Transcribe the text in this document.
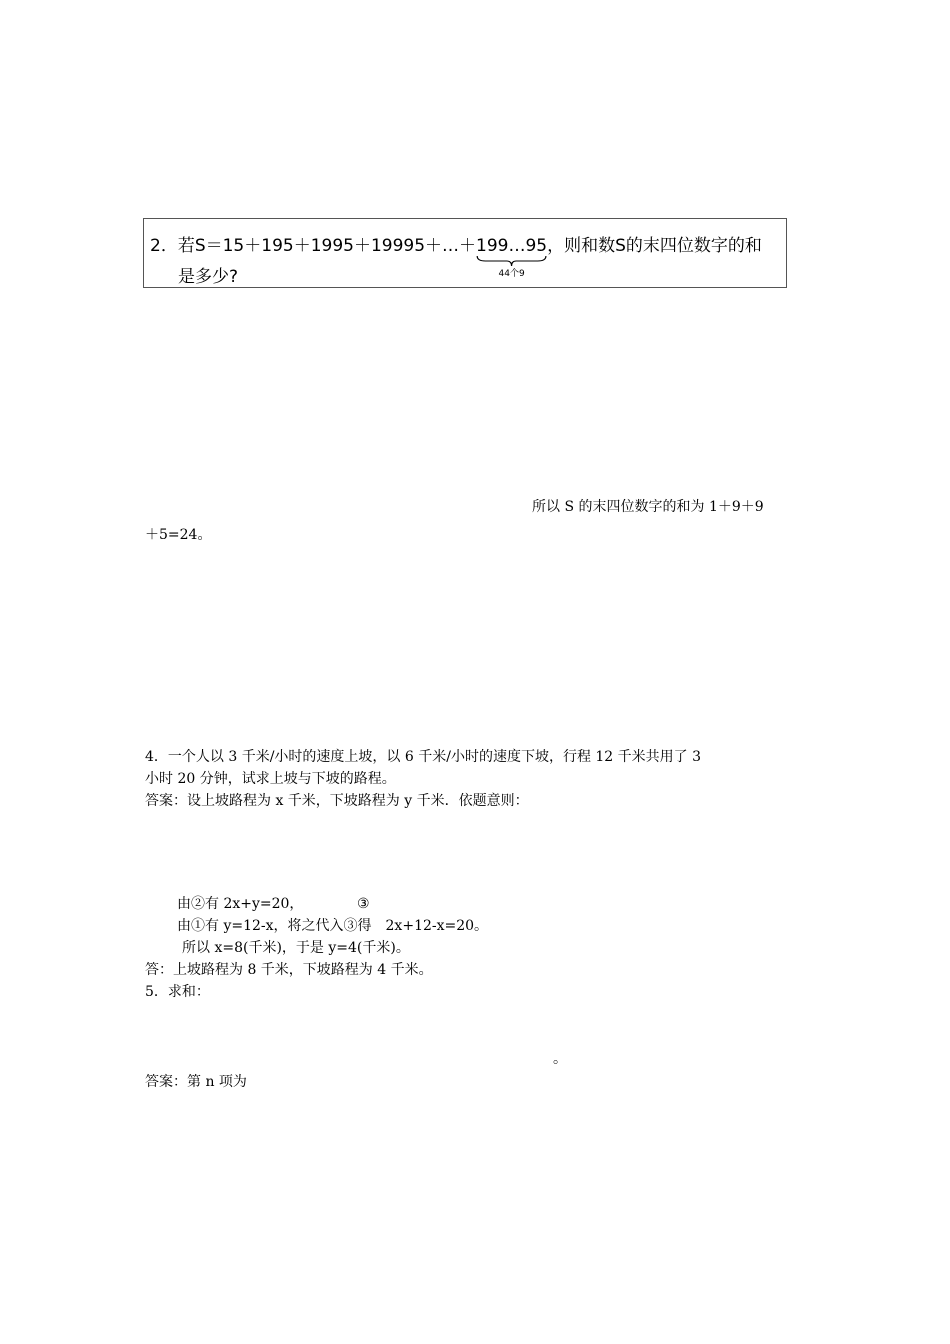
2．若S＝15＋195＋1995＋19995＋…＋199…95
44个9
，则和数S的末四位数字的和
是多少?
所以 S 的末四位数字的和为 1＋9＋9
＋5=24。
4．一个人以 3 千米/小时的速度上坡，以 6 千米/小时的速度下坡，行程 12 千米共用了 3
小时 20 分钟，试求上坡与下坡的路程。
答案：设上坡路程为 x 千米，下坡路程为 y 千米．依题意则：
由②有 2x+y=20，	③
由①有 y=12-x，将之代入③得　2x+12-x=20。
所以 x=8(千米)，于是 y=4(千米)。
答：上坡路程为 8 千米，下坡路程为 4 千米。
5．求和：
。
答案：第 n 项为
